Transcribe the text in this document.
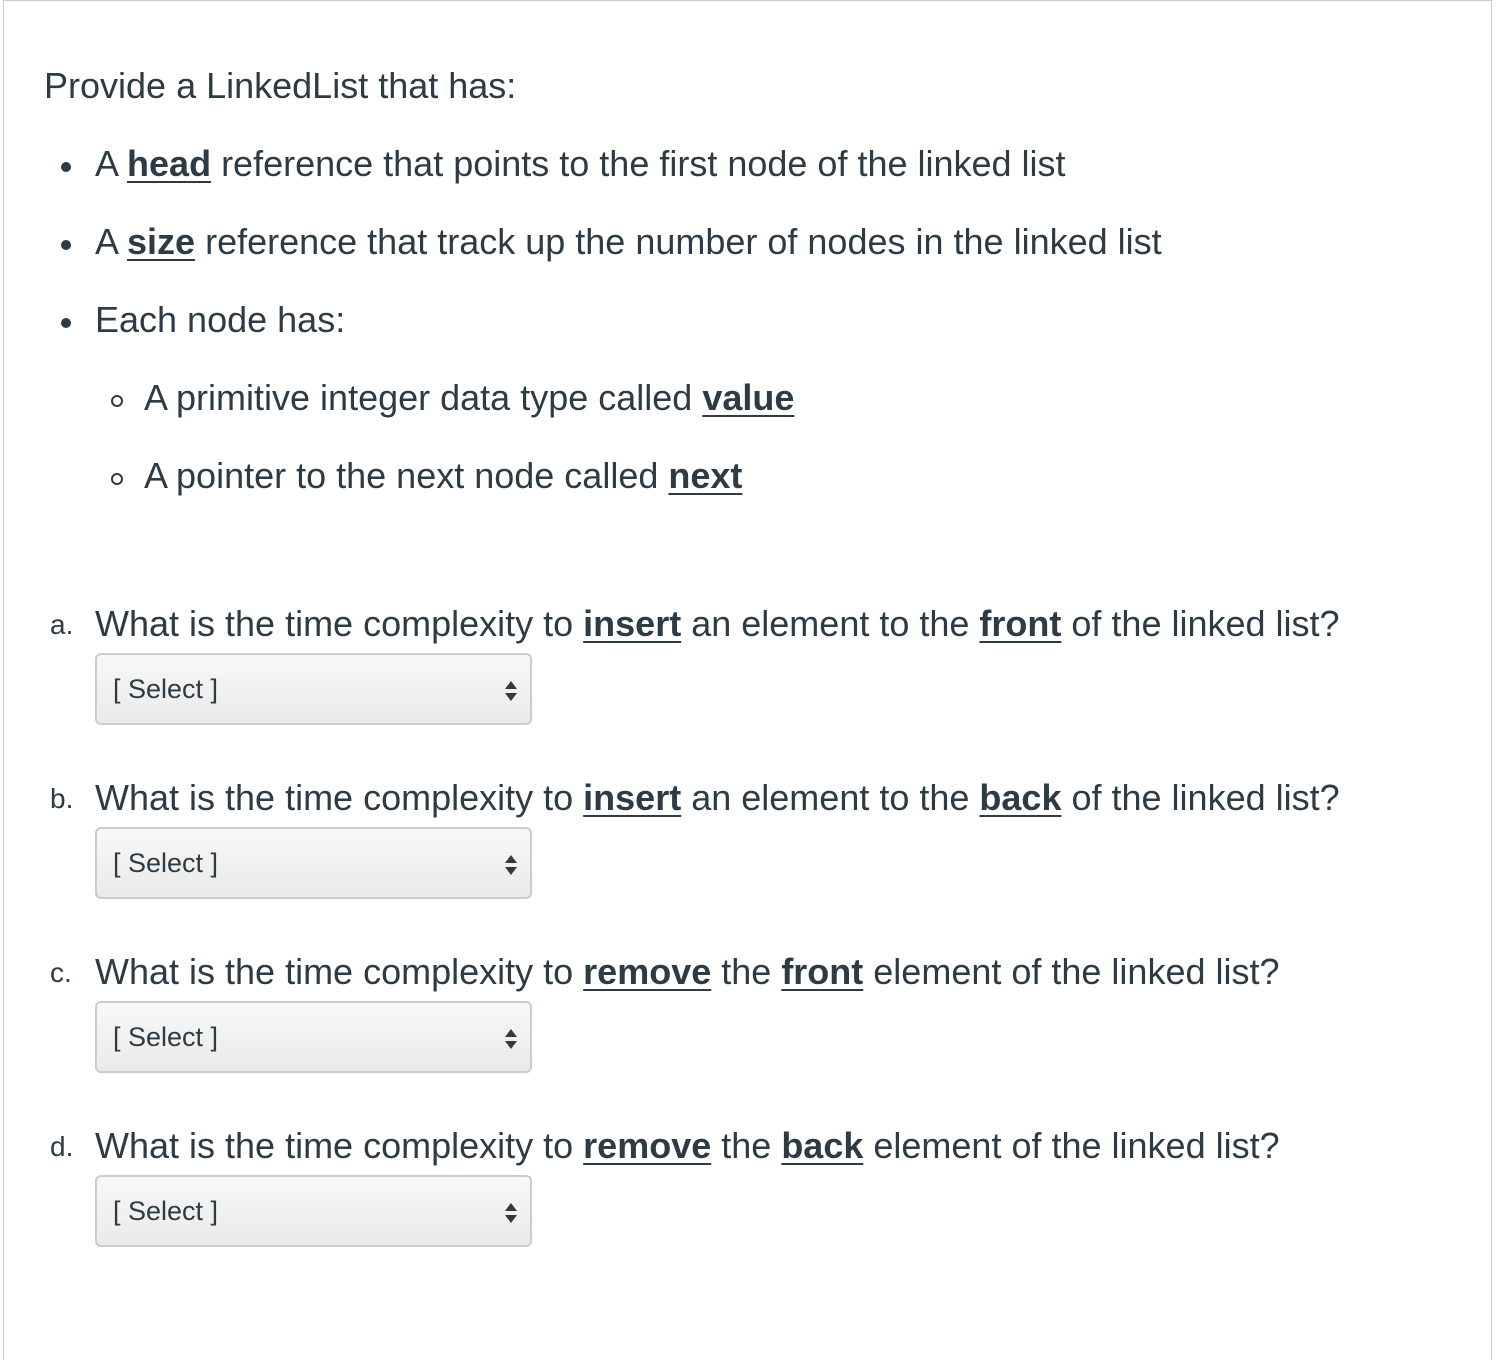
Provide a LinkedList that has:

A head reference that points to the first node of the linked list
A size reference that track up the number of nodes in the linked list
Each node has:
A primitive integer data type called value
A pointer to the next node called next
a. What is the time complexity to insert an element to the front of the linked list?
[ Select ]
b. What is the time complexity to insert an element to the back of the linked list?
[ Select ]
c. What is the time complexity to remove the front element of the linked list?
[ Select ]
d. What is the time complexity to remove the back element of the linked list?
[ Select ]
